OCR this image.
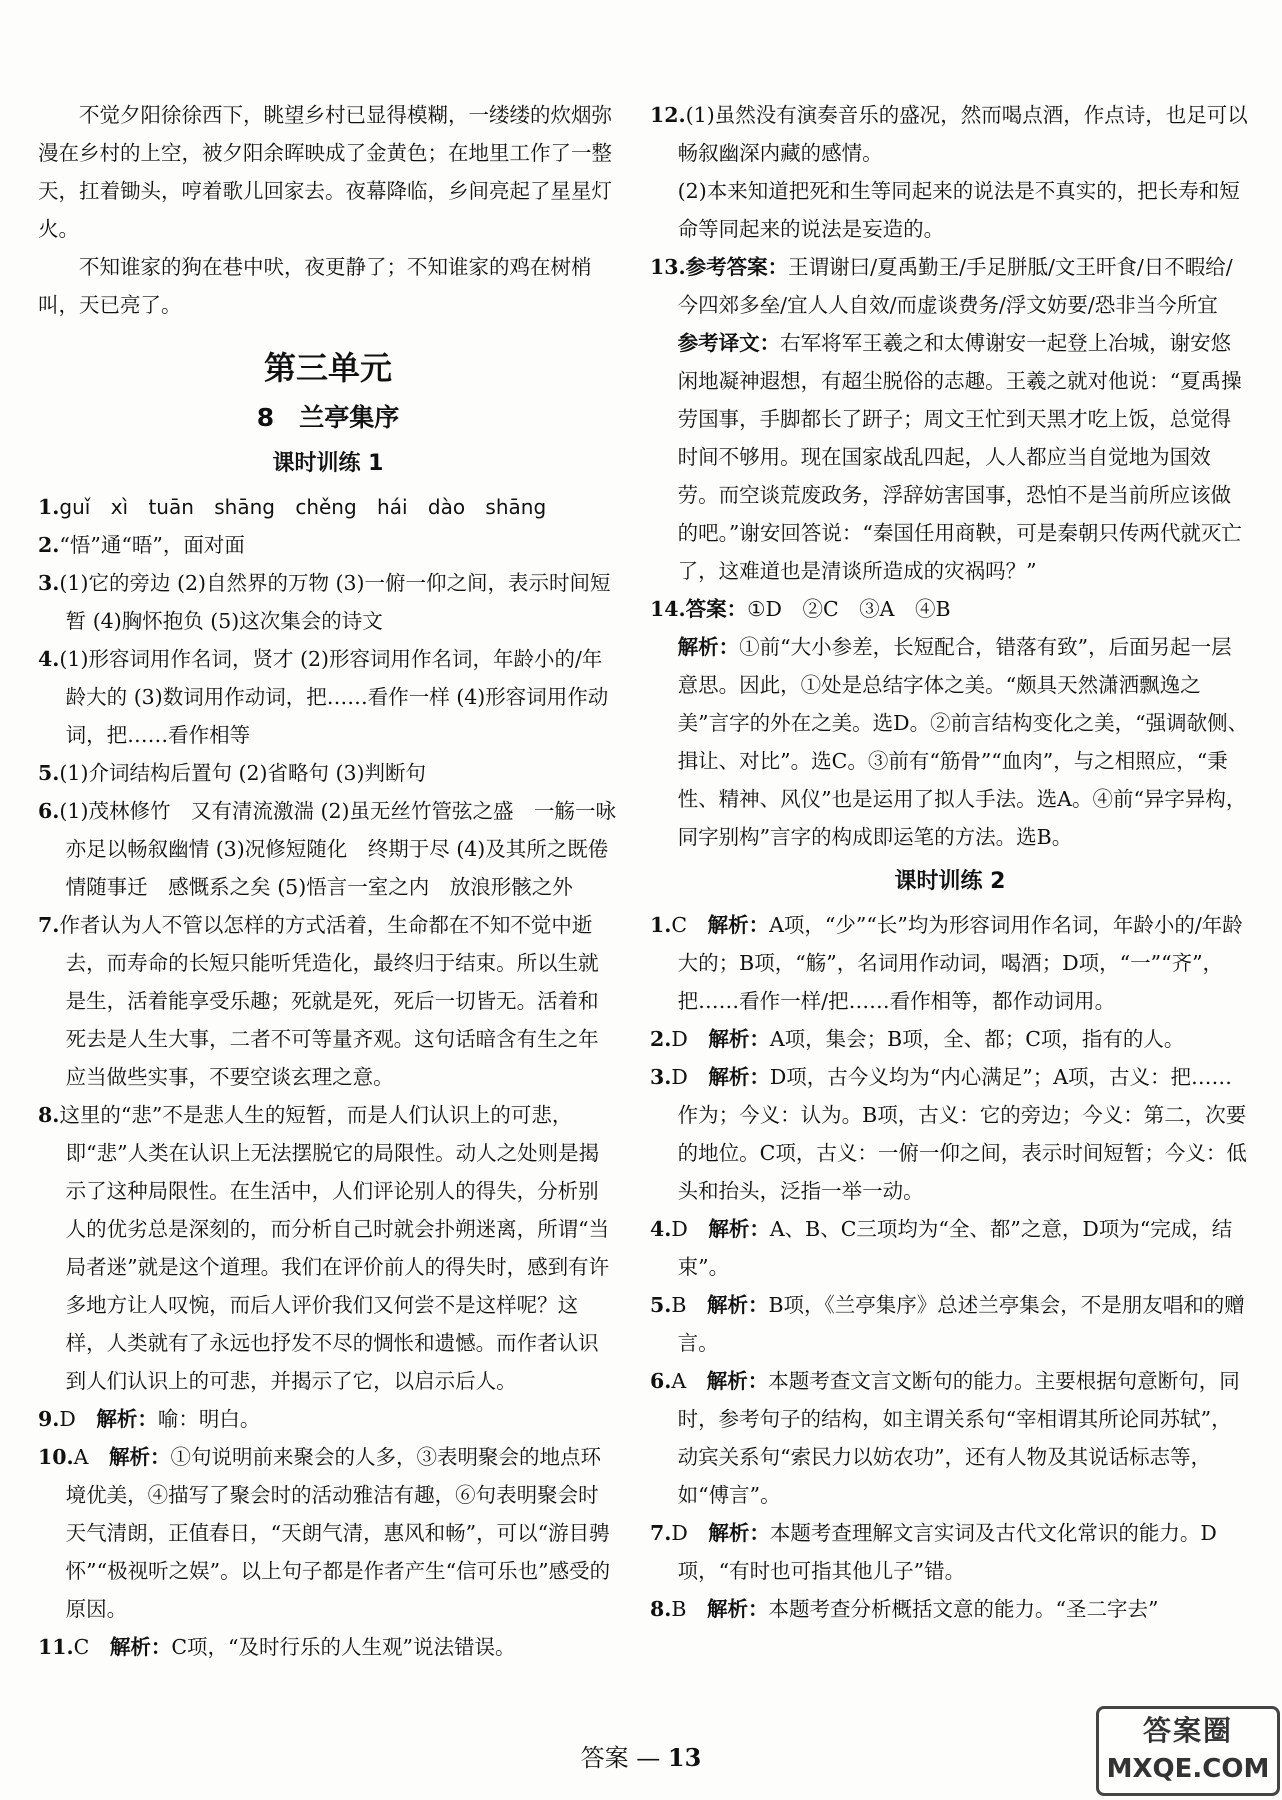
不觉夕阳徐徐西下，眺望乡村已显得模糊，一缕缕的炊烟弥漫在乡村的上空，被夕阳余晖映成了金黄色；在地里工作了一整天，扛着锄头，哼着歌儿回家去。夜幕降临，乡间亮起了星星灯火。

不知谁家的狗在巷中吠，夜更静了；不知谁家的鸡在树梢叫，天已亮了。

第三单元
8　兰亭集序
课时训练 1

1.guǐ xì tuān shāng chěng hái dào shāng

2.“悟”通“晤”，面对面

3.(1)它的旁边 (2)自然界的万物 (3)一俯一仰之间，表示时间短暂 (4)胸怀抱负 (5)这次集会的诗文

4.(1)形容词用作名词，贤才 (2)形容词用作名词，年龄小的/年龄大的 (3)数词用作动词，把……看作一样 (4)形容词用作动词，把……看作相等

5.(1)介词结构后置句 (2)省略句 (3)判断句

6.(1)茂林修竹　又有清流激湍 (2)虽无丝竹管弦之盛　一觞一咏　亦足以畅叙幽情 (3)况修短随化　终期于尽 (4)及其所之既倦　情随事迁　感慨系之矣 (5)悟言一室之内　放浪形骸之外

7.作者认为人不管以怎样的方式活着，生命都在不知不觉中逝去，而寿命的长短只能听凭造化，最终归于结束。所以生就是生，活着能享受乐趣；死就是死，死后一切皆无。活着和死去是人生大事，二者不可等量齐观。这句话暗含有生之年应当做些实事，不要空谈玄理之意。

8.这里的“悲”不是悲人生的短暂，而是人们认识上的可悲，即“悲”人类在认识上无法摆脱它的局限性。动人之处则是揭示了这种局限性。在生活中，人们评论别人的得失，分析别人的优劣总是深刻的，而分析自己时就会扑朔迷离，所谓“当局者迷”就是这个道理。我们在评价前人的得失时，感到有许多地方让人叹惋，而后人评价我们又何尝不是这样呢？这样，人类就有了永远也抒发不尽的惆怅和遗憾。而作者认识到人们认识上的可悲，并揭示了它，以启示后人。

9.D　 解析：喻：明白。

10.A　 解析：①句说明前来聚会的人多，③表明聚会的地点环境优美，④描写了聚会时的活动雅洁有趣，⑥句表明聚会时天气清朗，正值春日，“天朗气清，惠风和畅”，可以“游目骋怀”“极视听之娱”。以上句子都是作者产生“信可乐也”感受的原因。

11.C　 解析：C项，“及时行乐的人生观”说法错误。

12.(1)虽然没有演奏音乐的盛况，然而喝点酒，作点诗，也足可以畅叙幽深内藏的感情。

(2)本来知道把死和生等同起来的说法是不真实的，把长寿和短命等同起来的说法是妄造的。

13.参考答案：王谓谢曰/夏禹勤王/手足胼胝/文王旰食/日不暇给/今四郊多垒/宜人人自效/而虚谈费务/浮文妨要/恐非当今所宜

参考译文：右军将军王羲之和太傅谢安一起登上冶城，谢安悠闲地凝神遐想，有超尘脱俗的志趣。王羲之就对他说：“夏禹操劳国事，手脚都长了趼子；周文王忙到天黑才吃上饭，总觉得时间不够用。现在国家战乱四起，人人都应当自觉地为国效劳。而空谈荒废政务，浮辞妨害国事，恐怕不是当前所应该做的吧。”谢安回答说：“秦国任用商鞅，可是秦朝只传两代就灭亡了，这难道也是清谈所造成的灾祸吗？”

14.答案：①D　②C　③A　④B

解析：①前“大小参差，长短配合，错落有致”，后面另起一层意思。因此，①处是总结字体之美。“颇具天然潇洒飘逸之美”言字的外在之美。选D。②前言结构变化之美，“强调欹侧、揖让、对比”。选C。③前有“筋骨”“血肉”，与之相照应，“秉性、精神、风仪”也是运用了拟人手法。选A。④前“异字异构，同字别构”言字的构成即运笔的方法。选B。

课时训练 2

1.C　 解析：A项，“少”“长”均为形容词用作名词，年龄小的/年龄大的；B项，“觞”，名词用作动词，喝酒；D项，“一”“齐”，把……看作一样/把……看作相等，都作动词用。

2.D　 解析：A项，集会；B项，全、都；C项，指有的人。

3.D　 解析：D项，古今义均为“内心满足”；A项，古义：把……作为；今义：认为。B项，古义：它的旁边；今义：第二，次要的地位。C项，古义：一俯一仰之间，表示时间短暂；今义：低头和抬头，泛指一举一动。

4.D　 解析：A、B、C三项均为“全、都”之意，D项为“完成，结束”。

5.B　 解析：B项，《兰亭集序》总述兰亭集会，不是朋友唱和的赠言。

6.A　 解析：本题考查文言文断句的能力。主要根据句意断句，同时，参考句子的结构，如主谓关系句“宰相谓其所论同苏轼”，动宾关系句“索民力以妨农功”，还有人物及其说话标志等，如“傅言”。

7.D　 解析：本题考查理解文言实词及古代文化常识的能力。D项，“有时也可指其他儿子”错。

8.B　 解析：本题考查分析概括文意的能力。“圣二字去”

答案 — 13
答案圈
MXQE.COM
